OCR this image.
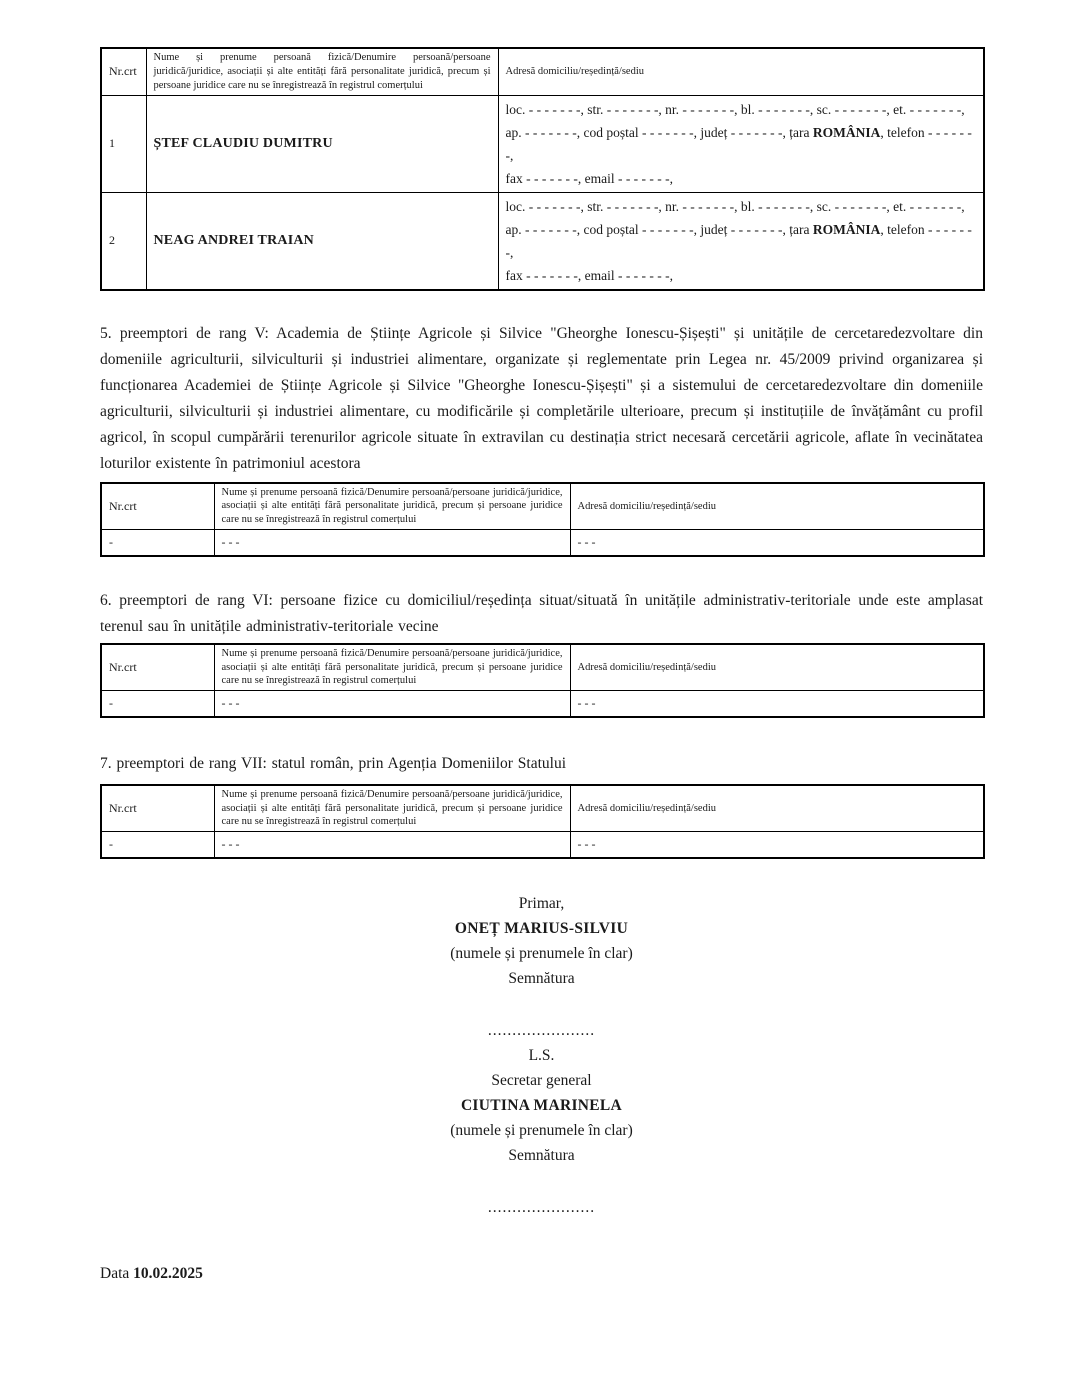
Nr.crt	Nume și prenume persoană fizică/Denumire persoană/persoane juridică/juridice, asociații și alte entități fără personalitate juridică, precum și persoane juridice care nu se înregistrează în registrul comerțului	Adresă domiciliu/reședință/sediu
1	ȘTEF CLAUDIU DUMITRU	loc. - - - - - - -, str. - - - - - - -, nr. - - - - - - -, bl. - - - - - - -, sc. - - - - - - -, et. - - - - - - -,
ap. - - - - - - -, cod poștal - - - - - - -, județ - - - - - - -, țara ROMÂNIA, telefon - - - - - - -,
fax - - - - - - -, email - - - - - - -,
2	NEAG ANDREI TRAIAN	loc. - - - - - - -, str. - - - - - - -, nr. - - - - - - -, bl. - - - - - - -, sc. - - - - - - -, et. - - - - - - -,
ap. - - - - - - -, cod poștal - - - - - - -, județ - - - - - - -, țara ROMÂNIA, telefon - - - - - - -,
fax - - - - - - -, email - - - - - - -,

5. preemptori de rang V: Academia de Științe Agricole și Silvice "Gheorghe Ionescu-Șișești" și unitățile de cercetaredezvoltare din domeniile agriculturii, silviculturii și industriei alimentare, organizate și reglementate prin Legea nr. 45/2009 privind organizarea și funcționarea Academiei de Științe Agricole și Silvice "Gheorghe Ionescu-Șișești" și a sistemului de cercetaredezvoltare din domeniile agriculturii, silviculturii și industriei alimentare, cu modificările și completările ulterioare, precum și instituțiile de învățământ cu profil agricol, în scopul cumpărării terenurilor agricole situate în extravilan cu destinația strict necesară cercetării agricole, aflate în vecinătatea loturilor existente în patrimoniul acestora

Nr.crt	Nume și prenume persoană fizică/Denumire persoană/persoane juridică/juridice, asociații și alte entități fără personalitate juridică, precum și persoane juridice care nu se înregistrează în registrul comerțului	Adresă domiciliu/reședință/sediu
-	- - -	- - -

6. preemptori de rang VI: persoane fizice cu domiciliul/reședința situat/situată în unitățile administrativ-teritoriale unde este amplasat terenul sau în unitățile administrativ-teritoriale vecine

Nr.crt	Nume și prenume persoană fizică/Denumire persoană/persoane juridică/juridice, asociații și alte entități fără personalitate juridică, precum și persoane juridice care nu se înregistrează în registrul comerțului	Adresă domiciliu/reședință/sediu
-	- - -	- - -

7. preemptori de rang VII: statul român, prin Agenția Domeniilor Statului

Nr.crt	Nume și prenume persoană fizică/Denumire persoană/persoane juridică/juridice, asociații și alte entități fără personalitate juridică, precum și persoane juridice care nu se înregistrează în registrul comerțului	Adresă domiciliu/reședință/sediu
-	- - -	- - -
Primar,
ONEȚ MARIUS-SILVIU
(numele și prenumele în clar)
Semnătura
......................
L.S.
Secretar general
CIUTINA MARINELA
(numele și prenumele în clar)
Semnătura
......................
Data 10.02.2025
